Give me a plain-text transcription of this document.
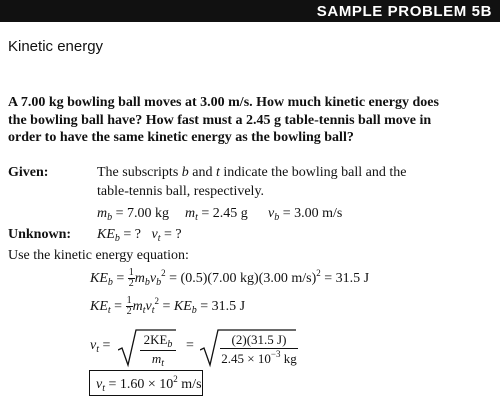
SAMPLE PROBLEM 5B
Kinetic energy
A 7.00 kg bowling ball moves at 3.00 m/s. How much kinetic energy does
the bowling ball have? How fast must a 2.45 g table-tennis ball move in
order to have the same kinetic energy as the bowling ball?
Given:	The subscripts b and t indicate the bowling ball and the
table-tennis ball, respectively.
$m_b = 7.00$ kg $m_t = 2.45$ g $v_b = 3.00$ m/s
Unknown: $KE_b$ = ? $v_t$ = ?
Use the kinetic energy equation:
$KE_b = \frac{1}{2} m_bv_b^2 = (0.5)(7.00$ kg)(3.00 m/s)$^2$ = 31.5 J
$KE_t = \frac{1}{2} m_tv_t^2 = KE_b = 31.5$ J
$v_t$ =	$2KE_b$
$m_t$
=	(2)(31.5 J)
$2.45 \times 10^{-3}$ kg
$v_t = 1.60 \times 10^2$ m/s
